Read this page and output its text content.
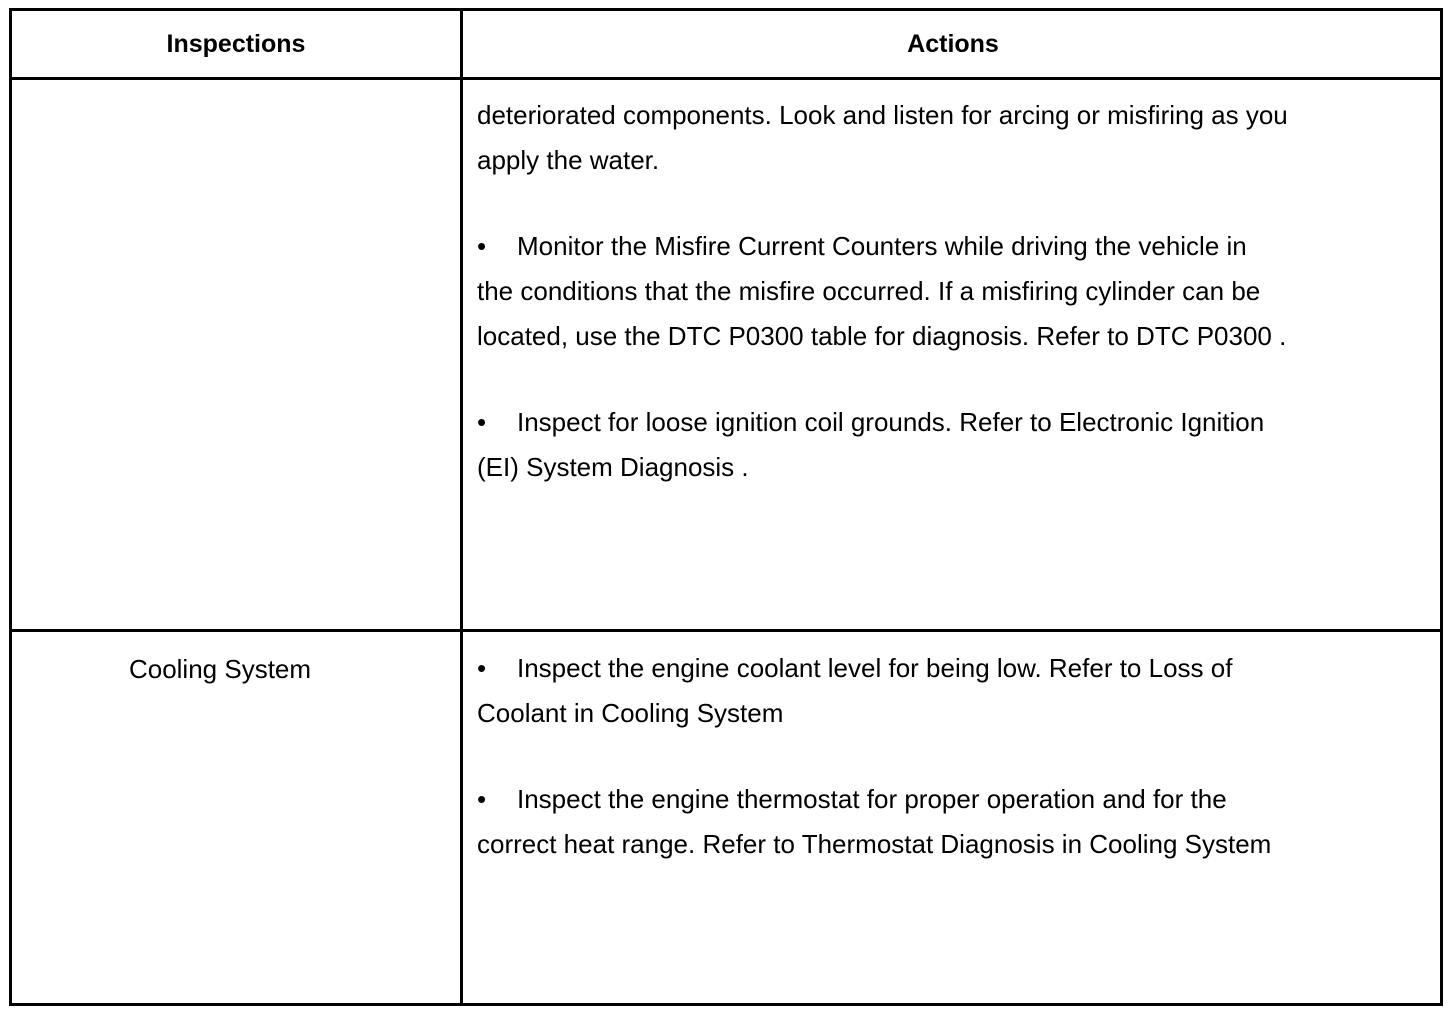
Inspections	Actions
deteriorated components. Look and listen for arcing or misfiring as you
apply the water.
• Monitor the Misfire Current Counters while driving the vehicle in
the conditions that the misfire occurred. If a misfiring cylinder can be
located, use the DTC P0300 table for diagnosis. Refer to DTC P0300 .
• Inspect for loose ignition coil grounds. Refer to Electronic Ignition
(EI) System Diagnosis .
Cooling System	• Inspect the engine coolant level for being low. Refer to Loss of
Coolant in Cooling System
• Inspect the engine thermostat for proper operation and for the
correct heat range. Refer to Thermostat Diagnosis in Cooling System
